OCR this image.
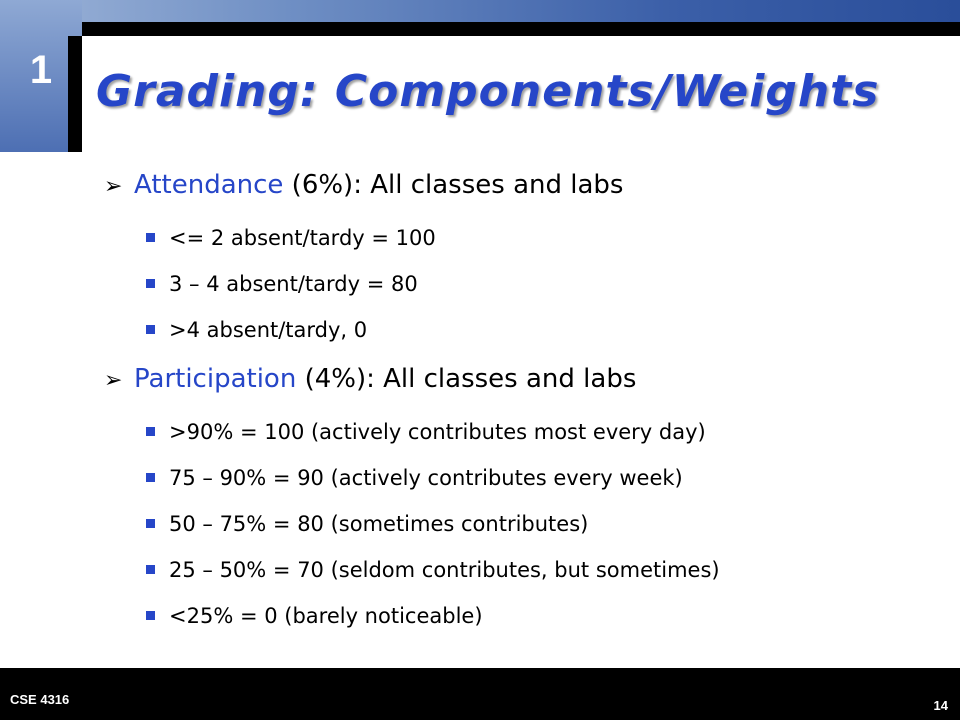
1 Grading: Components/Weights
➢ Attendance (6%): All classes and labs
<= 2 absent/tardy = 100
3 – 4 absent/tardy = 80
>4 absent/tardy, 0
➢ Participation (4%): All classes and labs
>90% = 100 (actively contributes most every day)
75 – 90% = 90 (actively contributes every week)
50 – 75% = 80 (sometimes contributes)
25 – 50% = 70 (seldom contributes, but sometimes)
<25% = 0 (barely noticeable)
CSE 4316	14
